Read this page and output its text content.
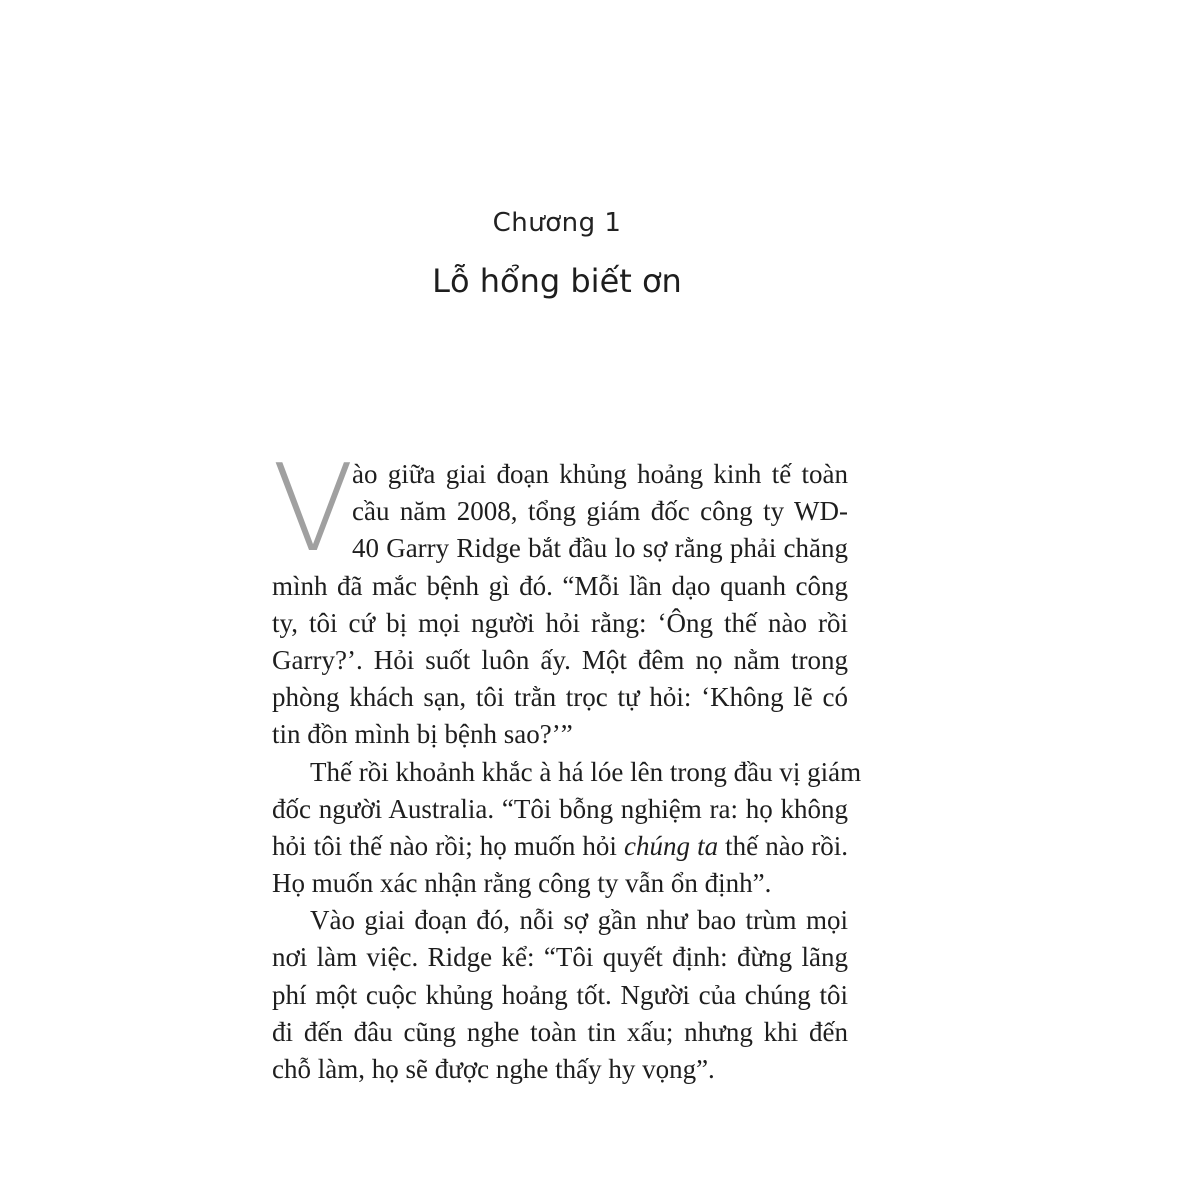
Chương 1
Lỗ hổng biết ơn
V
ào giữa giai đoạn khủng hoảng kinh tế toàn
cầu năm 2008, tổng giám đốc công ty WD-
40 Garry Ridge bắt đầu lo sợ rằng phải chăng
mình đã mắc bệnh gì đó. “Mỗi lần dạo quanh công
ty, tôi cứ bị mọi người hỏi rằng: ‘Ông thế nào rồi
Garry?’. Hỏi suốt luôn ấy. Một đêm nọ nằm trong
phòng khách sạn, tôi trằn trọc tự hỏi: ‘Không lẽ có
tin đồn mình bị bệnh sao?’”
Thế rồi khoảnh khắc à há lóe lên trong đầu vị giám
đốc người Australia. “Tôi bỗng nghiệm ra: họ không
hỏi tôi thế nào rồi; họ muốn hỏi chúng ta thế nào rồi.
Họ muốn xác nhận rằng công ty vẫn ổn định”.
Vào giai đoạn đó, nỗi sợ gần như bao trùm mọi
nơi làm việc. Ridge kể: “Tôi quyết định: đừng lãng
phí một cuộc khủng hoảng tốt. Người của chúng tôi
đi đến đâu cũng nghe toàn tin xấu; nhưng khi đến
chỗ làm, họ sẽ được nghe thấy hy vọng”.
